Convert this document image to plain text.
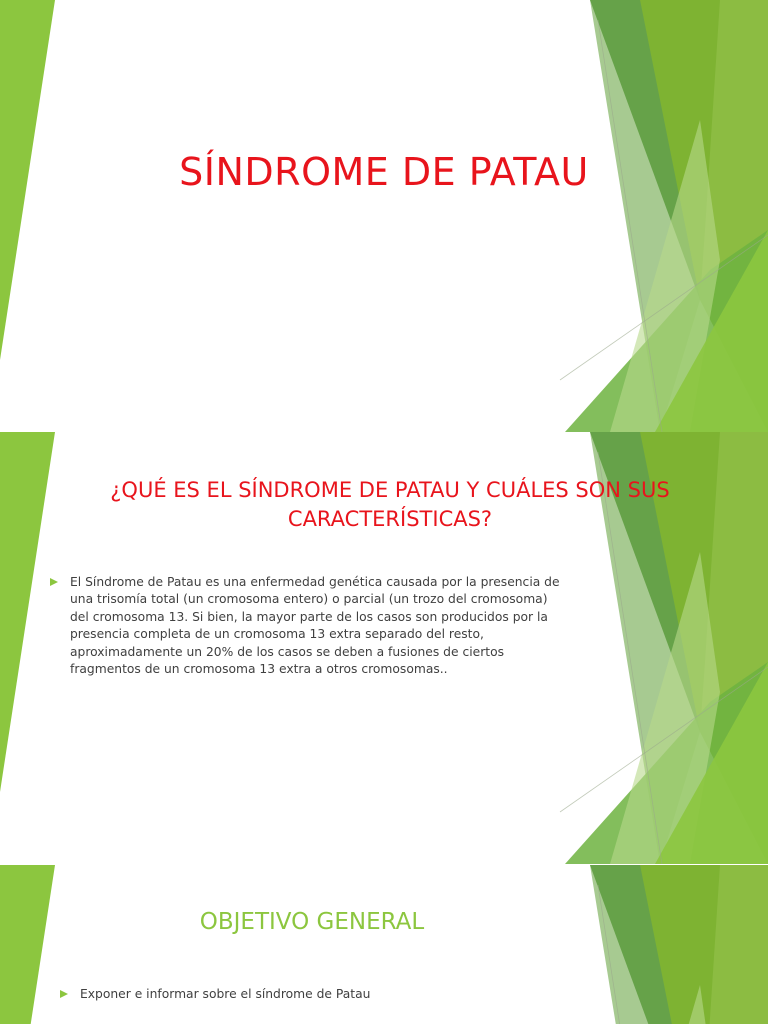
SÍNDROME DE PATAU
¿QUÉ ES EL SÍNDROME DE PATAU Y CUÁLES SON SUS CARACTERÍSTICAS?
El Síndrome de Patau es una enfermedad genética causada por la presencia de una trisomía total (un cromosoma entero) o parcial (un trozo del cromosoma) del cromosoma 13. Si bien, la mayor parte de los casos son producidos por la presencia completa de un cromosoma 13 extra separado del resto, aproximadamente un 20% de los casos se deben a fusiones de ciertos fragmentos de un cromosoma 13 extra a otros cromosomas..
OBJETIVO GENERAL
Exponer e informar sobre el síndrome de Patau
